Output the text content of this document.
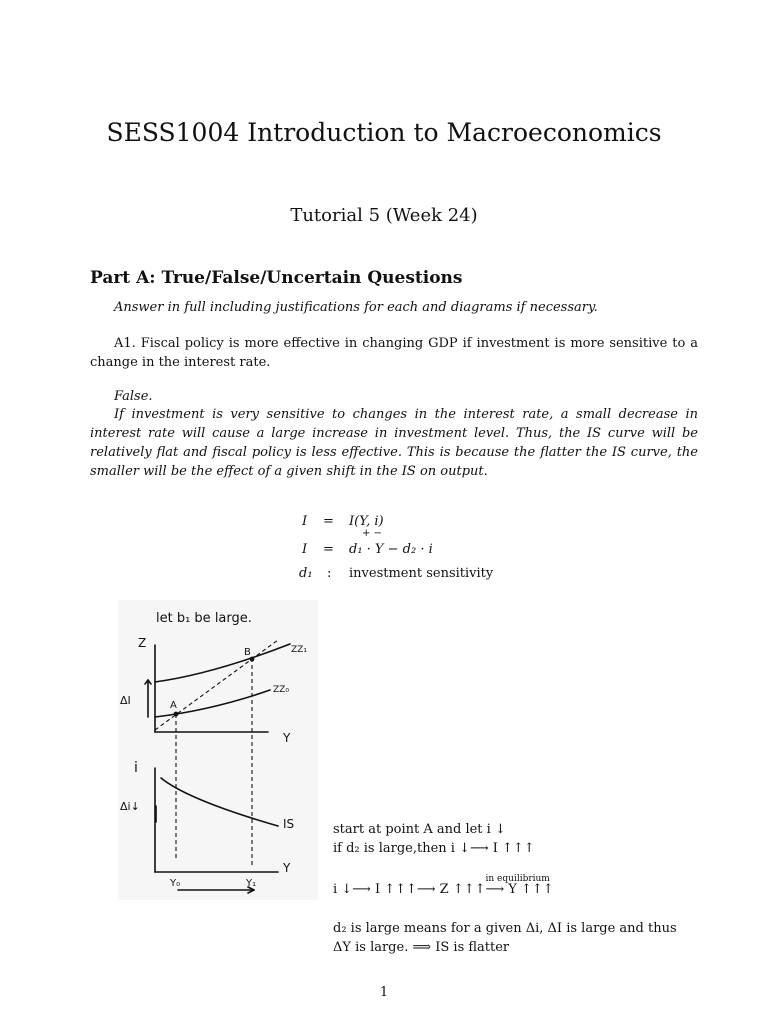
SESS1004 Introduction to Macroeconomics
Tutorial 5 (Week 24)
Part A: True/False/Uncertain Questions
Answer in full including justifications for each and diagrams if necessary.
A1. Fiscal policy is more effective in changing GDP if investment is more sensitive to a change in the interest rate.
False.
If investment is very sensitive to changes in the interest rate, a small decrease in interest rate will cause a large increase in investment level. Thus, the IS curve will be relatively flat and fiscal policy is less effective. This is because the flatter the IS curve, the smaller will be the effect of a given shift in the IS on output.
I = I(Y, i)
+ −
I = d₁ · Y − d₂ · i
d₁ : investment sensitivity
let b₁ be large.
Z	ZZ₁
ZZ₀
A
B
ΔI
Y
i
Δi↓
IS
Y
Y₀	Y₁
start at point A and let i ↓
if d₂ is large,then i ↓⟶ I ↑↑↑
i ↓⟶ I ↑↑↑⟶ Z ↑↑↑
in equilibrium
⟶ Y ↑↑↑
d₂ is large means for a given Δi, ΔI is large and thus
ΔY is large. ⟹ IS is flatter
1
